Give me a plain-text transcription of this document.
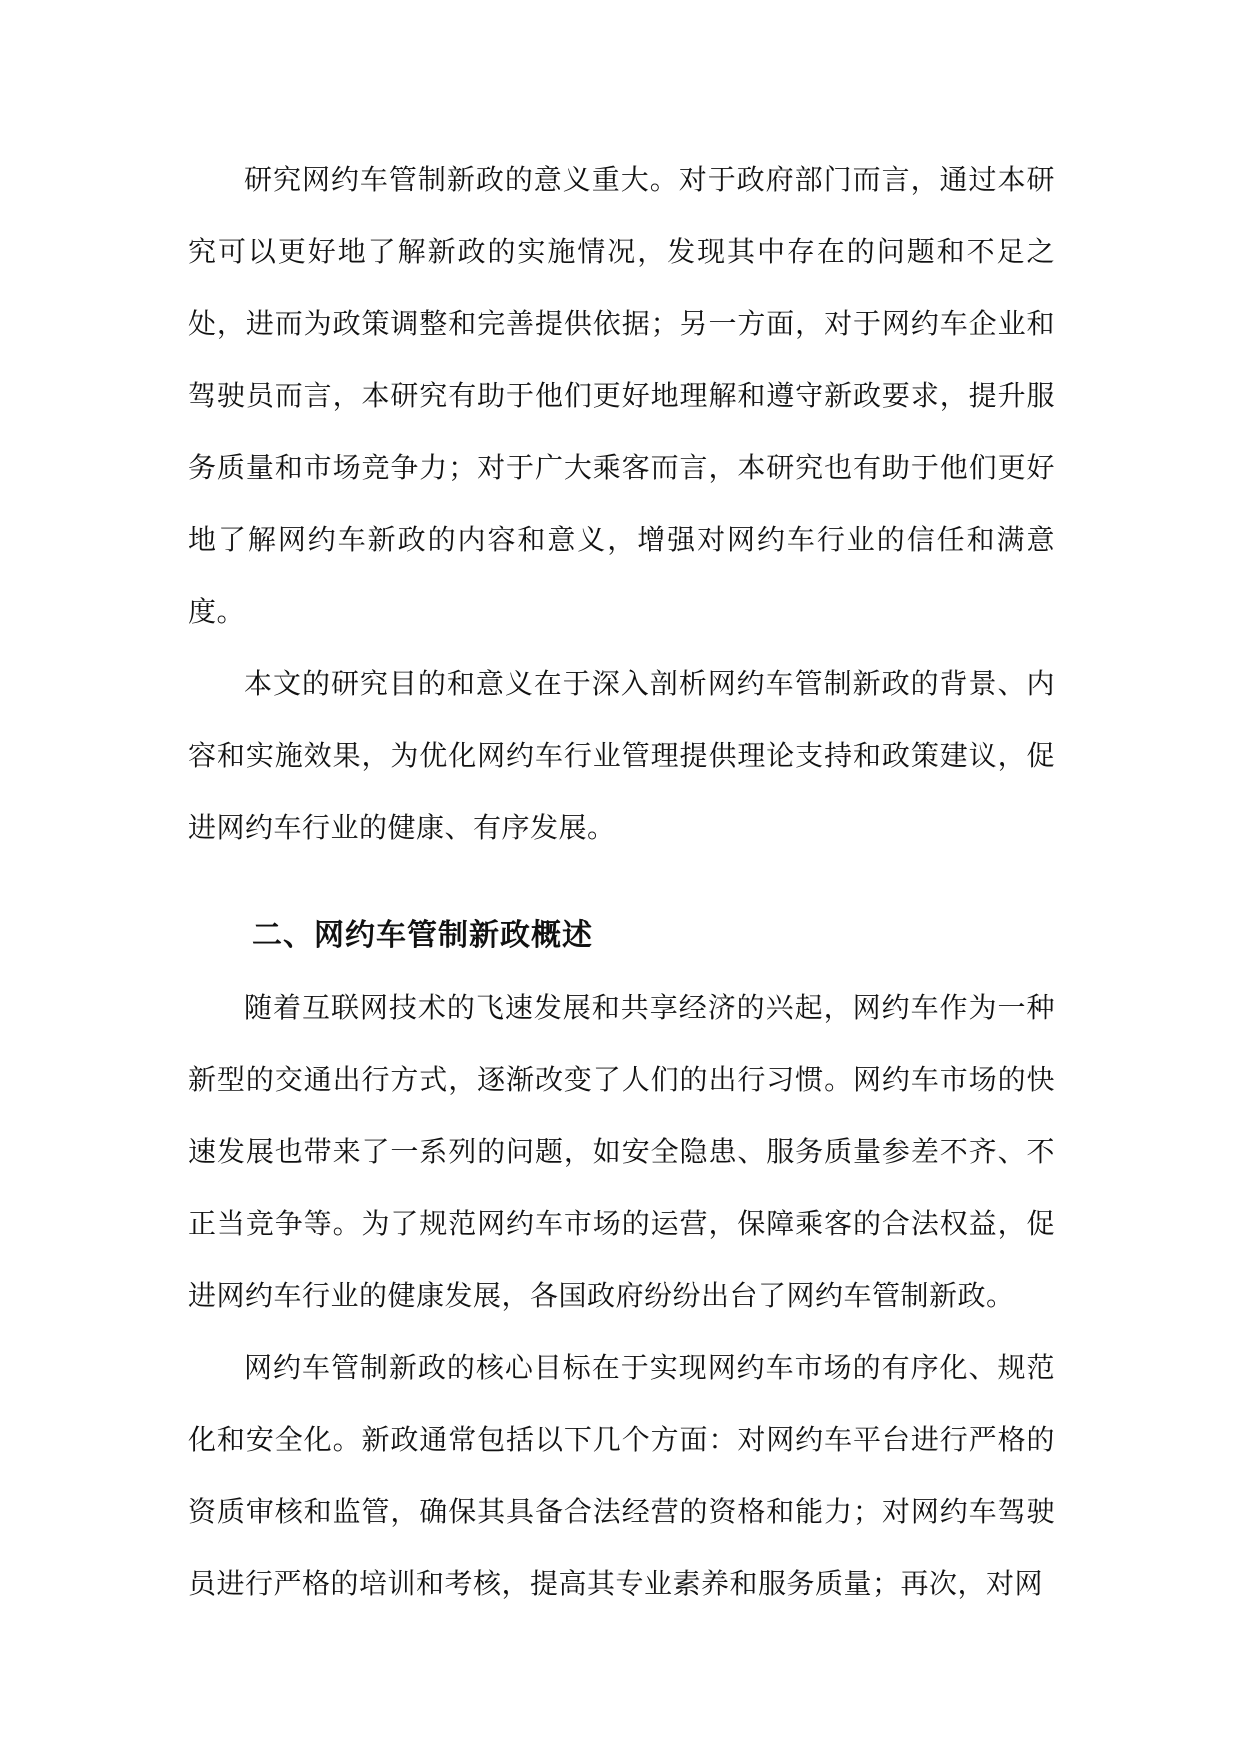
研究网约车管制新政的意义重大。对于政府部门而言，通过本研究可以更好地了解新政的实施情况，发现其中存在的问题和不足之处，进而为政策调整和完善提供依据；另一方面，对于网约车企业和驾驶员而言，本研究有助于他们更好地理解和遵守新政要求，提升服务质量和市场竞争力；对于广大乘客而言，本研究也有助于他们更好地了解网约车新政的内容和意义，增强对网约车行业的信任和满意度。

本文的研究目的和意义在于深入剖析网约车管制新政的背景、内容和实施效果，为优化网约车行业管理提供理论支持和政策建议，促进网约车行业的健康、有序发展。

二、网约车管制新政概述

随着互联网技术的飞速发展和共享经济的兴起，网约车作为一种新型的交通出行方式，逐渐改变了人们的出行习惯。网约车市场的快速发展也带来了一系列的问题，如安全隐患、服务质量参差不齐、不正当竞争等。为了规范网约车市场的运营，保障乘客的合法权益，促进网约车行业的健康发展，各国政府纷纷出台了网约车管制新政。

网约车管制新政的核心目标在于实现网约车市场的有序化、规范化和安全化。新政通常包括以下几个方面：对网约车平台进行严格的资质审核和监管，确保其具备合法经营的资格和能力；对网约车驾驶员进行严格的培训和考核，提高其专业素养和服务质量；再次，对网
